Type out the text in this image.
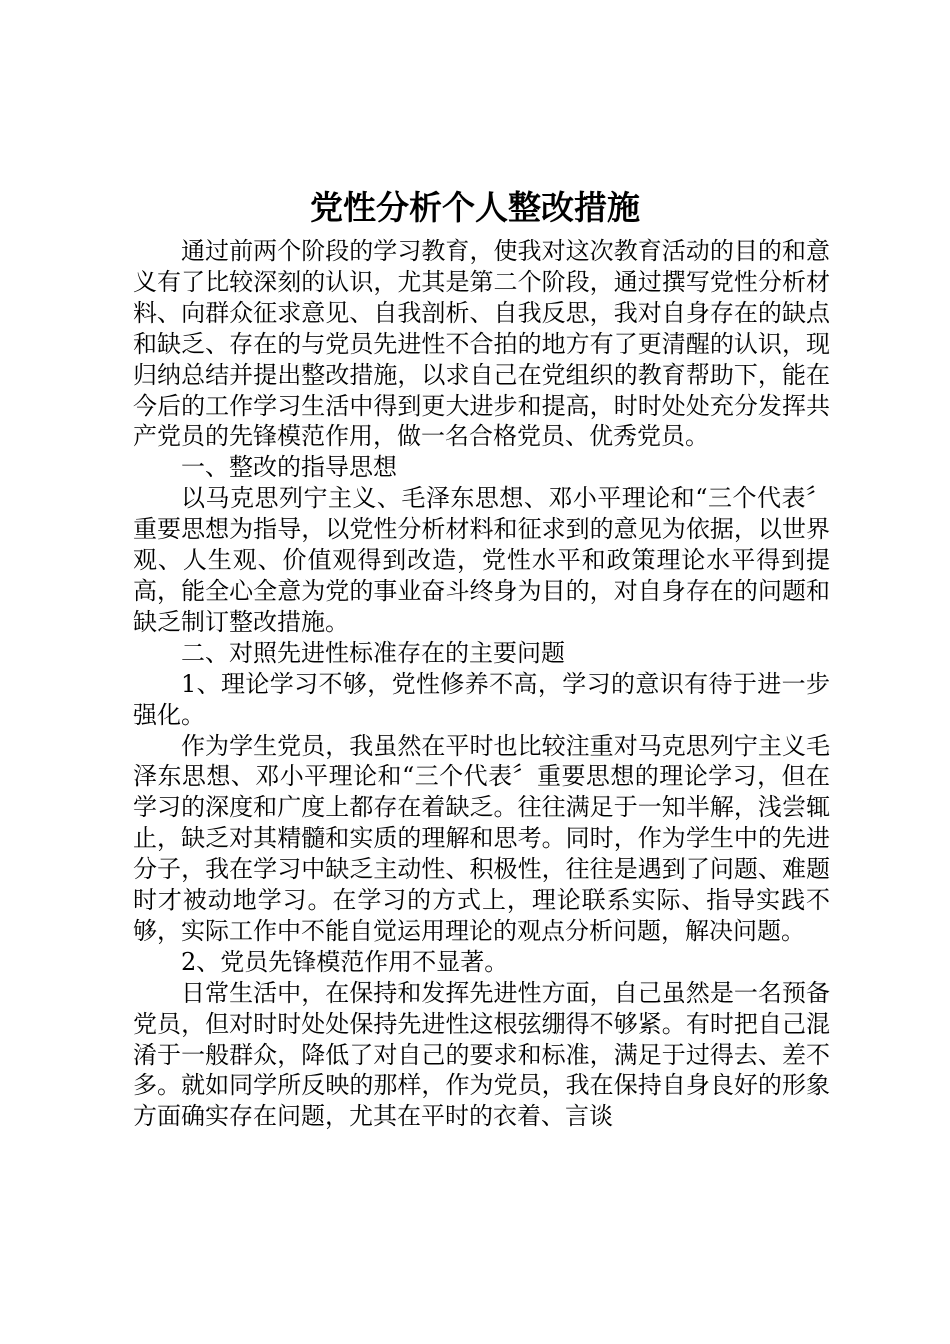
党性分析个人整改措施

通过前两个阶段的学习教育，使我对这次教育活动的目的和意义有了比较深刻的认识，尤其是第二个阶段，通过撰写党性分析材料、向群众征求意见、自我剖析、自我反思，我对自身存在的缺点和缺乏、存在的与党员先进性不合拍的地方有了更清醒的认识，现归纳总结并提出整改措施，以求自己在党组织的教育帮助下，能在今后的工作学习生活中得到更大进步和提高，时时处处充分发挥共产党员的先锋模范作用，做一名合格党员、优秀党员。

一、整改的指导思想

以马克思列宁主义、毛泽东思想、邓小平理论和“三个代表〞重要思想为指导，以党性分析材料和征求到的意见为依据，以世界观、人生观、价值观得到改造，党性水平和政策理论水平得到提高，能全心全意为党的事业奋斗终身为目的，对自身存在的问题和缺乏制订整改措施。

二、对照先进性标准存在的主要问题

1、理论学习不够，党性修养不高，学习的意识有待于进一步强化。

作为学生党员，我虽然在平时也比较注重对马克思列宁主义毛泽东思想、邓小平理论和“三个代表〞重要思想的理论学习，但在学习的深度和广度上都存在着缺乏。往往满足于一知半解，浅尝辄止，缺乏对其精髓和实质的理解和思考。同时，作为学生中的先进分子，我在学习中缺乏主动性、积极性，往往是遇到了问题、难题时才被动地学习。在学习的方式上，理论联系实际、指导实践不够，实际工作中不能自觉运用理论的观点分析问题，解决问题。

2、党员先锋模范作用不显著。

日常生活中，在保持和发挥先进性方面，自己虽然是一名预备党员，但对时时处处保持先进性这根弦绷得不够紧。有时把自己混淆于一般群众，降低了对自己的要求和标准，满足于过得去、差不多。就如同学所反映的那样，作为党员，我在保持自身良好的形象方面确实存在问题，尤其在平时的衣着、言谈
